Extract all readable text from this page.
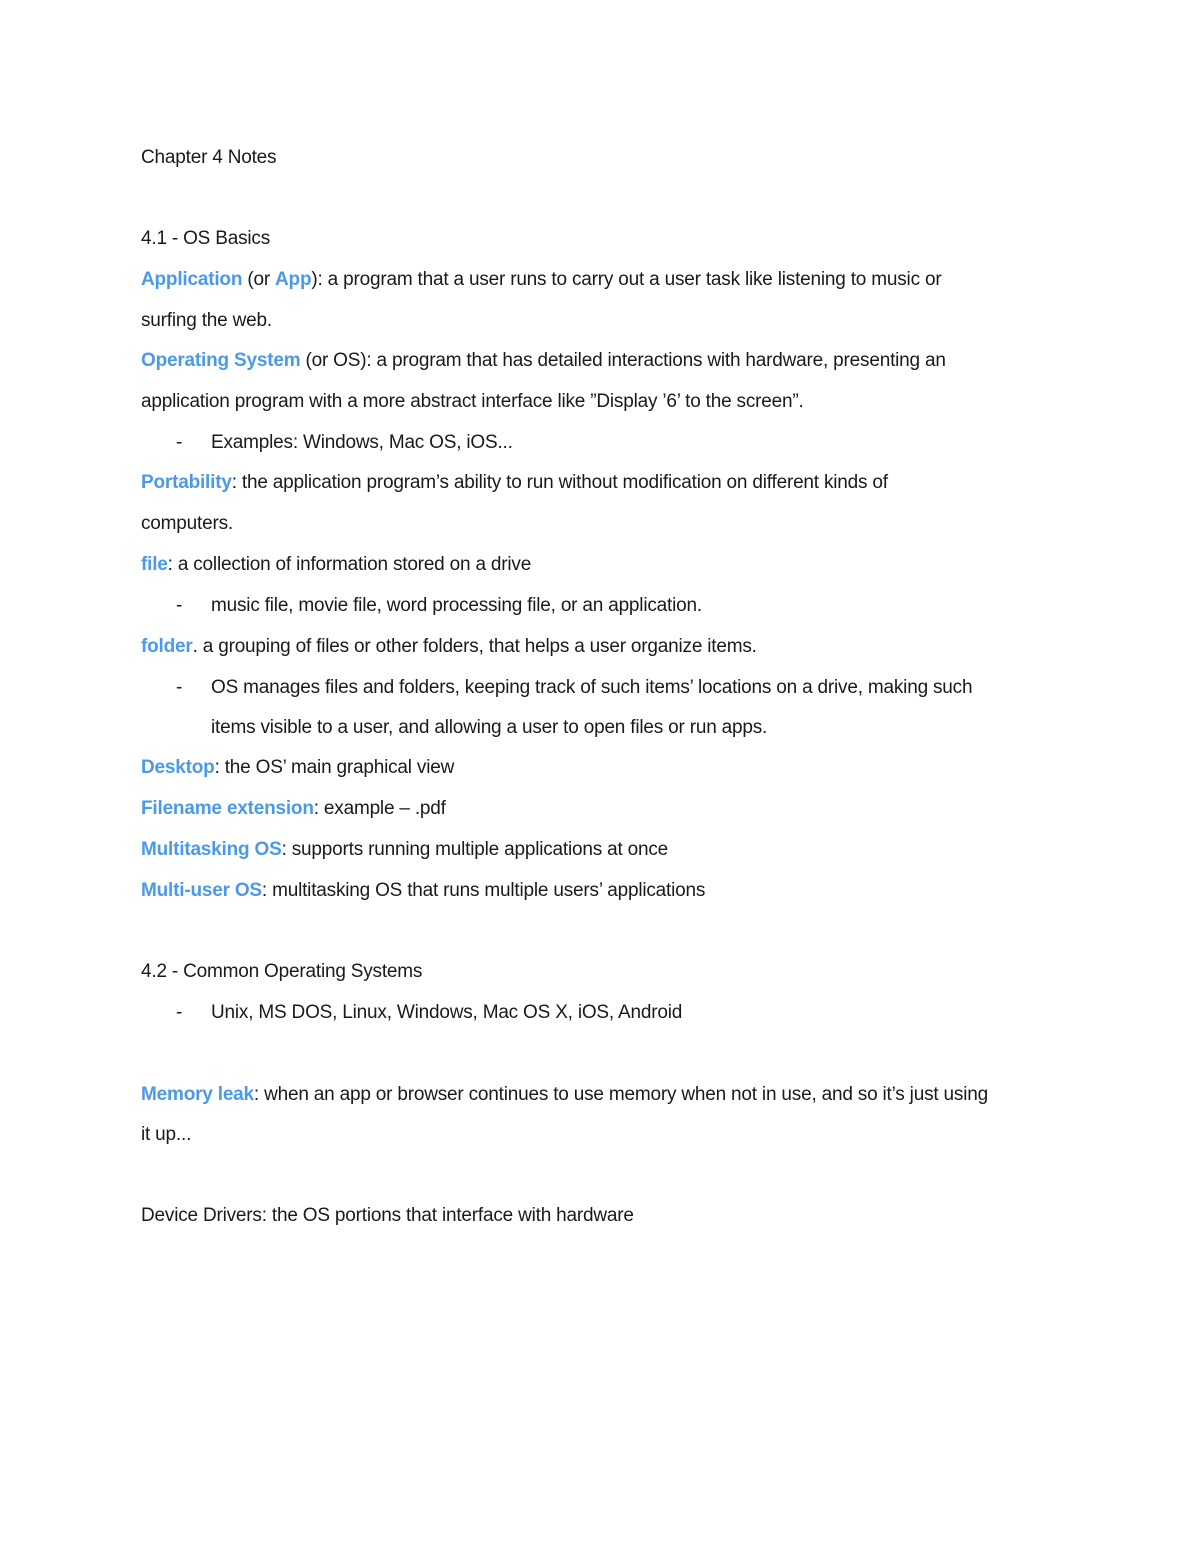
Chapter 4 Notes
4.1 - OS Basics
Application (or App): a program that a user runs to carry out a user task like listening to music or
surfing the web.
Operating System (or OS): a program that has detailed interactions with hardware, presenting an
application program with a more abstract interface like ”Display ’6’ to the screen”.
- Examples: Windows, Mac OS, iOS...
Portability: the application program’s ability to run without modification on different kinds of
computers.
file: a collection of information stored on a drive
- music file, movie file, word processing file, or an application.
folder. a grouping of files or other folders, that helps a user organize items.
- OS manages files and folders, keeping track of such items’ locations on a drive, making such
items visible to a user, and allowing a user to open files or run apps.
Desktop: the OS’ main graphical view
Filename extension: example – .pdf
Multitasking OS: supports running multiple applications at once
Multi-user OS: multitasking OS that runs multiple users’ applications
4.2 - Common Operating Systems
- Unix, MS DOS, Linux, Windows, Mac OS X, iOS, Android
Memory leak: when an app or browser continues to use memory when not in use, and so it’s just using
it up...
Device Drivers: the OS portions that interface with hardware
